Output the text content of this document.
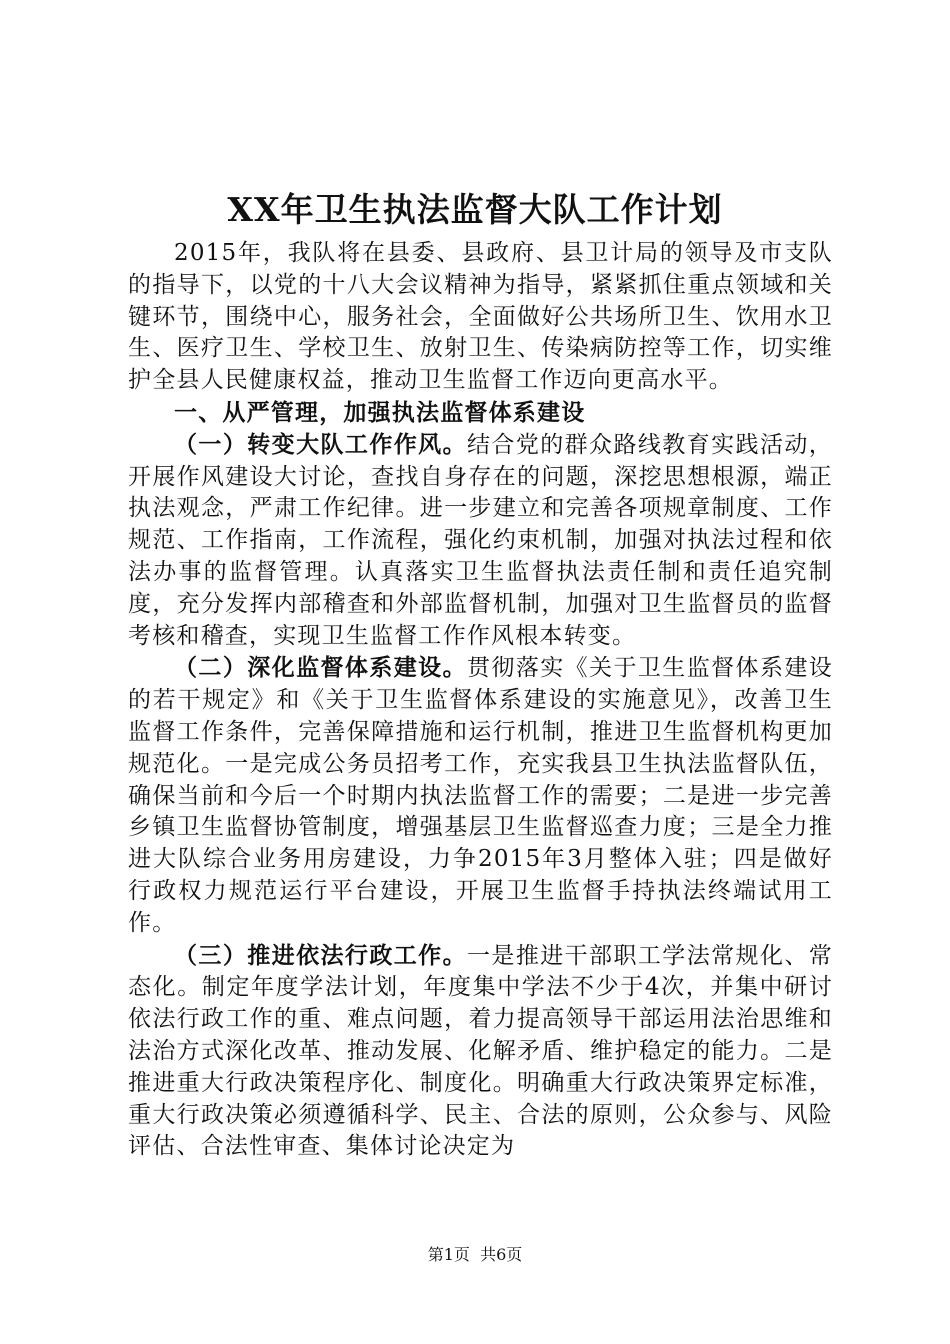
XX年卫生执法监督大队工作计划

2015年，我队将在县委、县政府、县卫计局的领导及市支队的指导下，以党的十八大会议精神为指导，紧紧抓住重点领域和关键环节，围绕中心，服务社会，全面做好公共场所卫生、饮用水卫生、医疗卫生、学校卫生、放射卫生、传染病防控等工作，切实维护全县人民健康权益，推动卫生监督工作迈向更高水平。

一、从严管理，加强执法监督体系建设

（一）转变大队工作作风。结合党的群众路线教育实践活动，开展作风建设大讨论，查找自身存在的问题，深挖思想根源，端正执法观念，严肃工作纪律。进一步建立和完善各项规章制度、工作规范、工作指南，工作流程，强化约束机制，加强对执法过程和依法办事的监督管理。认真落实卫生监督执法责任制和责任追究制度，充分发挥内部稽查和外部监督机制，加强对卫生监督员的监督考核和稽查，实现卫生监督工作作风根本转变。

（二）深化监督体系建设。贯彻落实《关于卫生监督体系建设的若干规定》和《关于卫生监督体系建设的实施意见》，改善卫生监督工作条件，完善保障措施和运行机制，推进卫生监督机构更加规范化。一是完成公务员招考工作，充实我县卫生执法监督队伍，确保当前和今后一个时期内执法监督工作的需要；二是进一步完善乡镇卫生监督协管制度，增强基层卫生监督巡查力度；三是全力推进大队综合业务用房建设，力争2015年3月整体入驻；四是做好行政权力规范运行平台建设，开展卫生监督手持执法终端试用工作。

（三）推进依法行政工作。一是推进干部职工学法常规化、常态化。制定年度学法计划，年度集中学法不少于4次，并集中研讨依法行政工作的重、难点问题，着力提高领导干部运用法治思维和法治方式深化改革、推动发展、化解矛盾、维护稳定的能力。二是推进重大行政决策程序化、制度化。明确重大行政决策界定标准，重大行政决策必须遵循科学、民主、合法的原则，公众参与、风险评估、合法性审查、集体讨论决定为

第1页 共6页
